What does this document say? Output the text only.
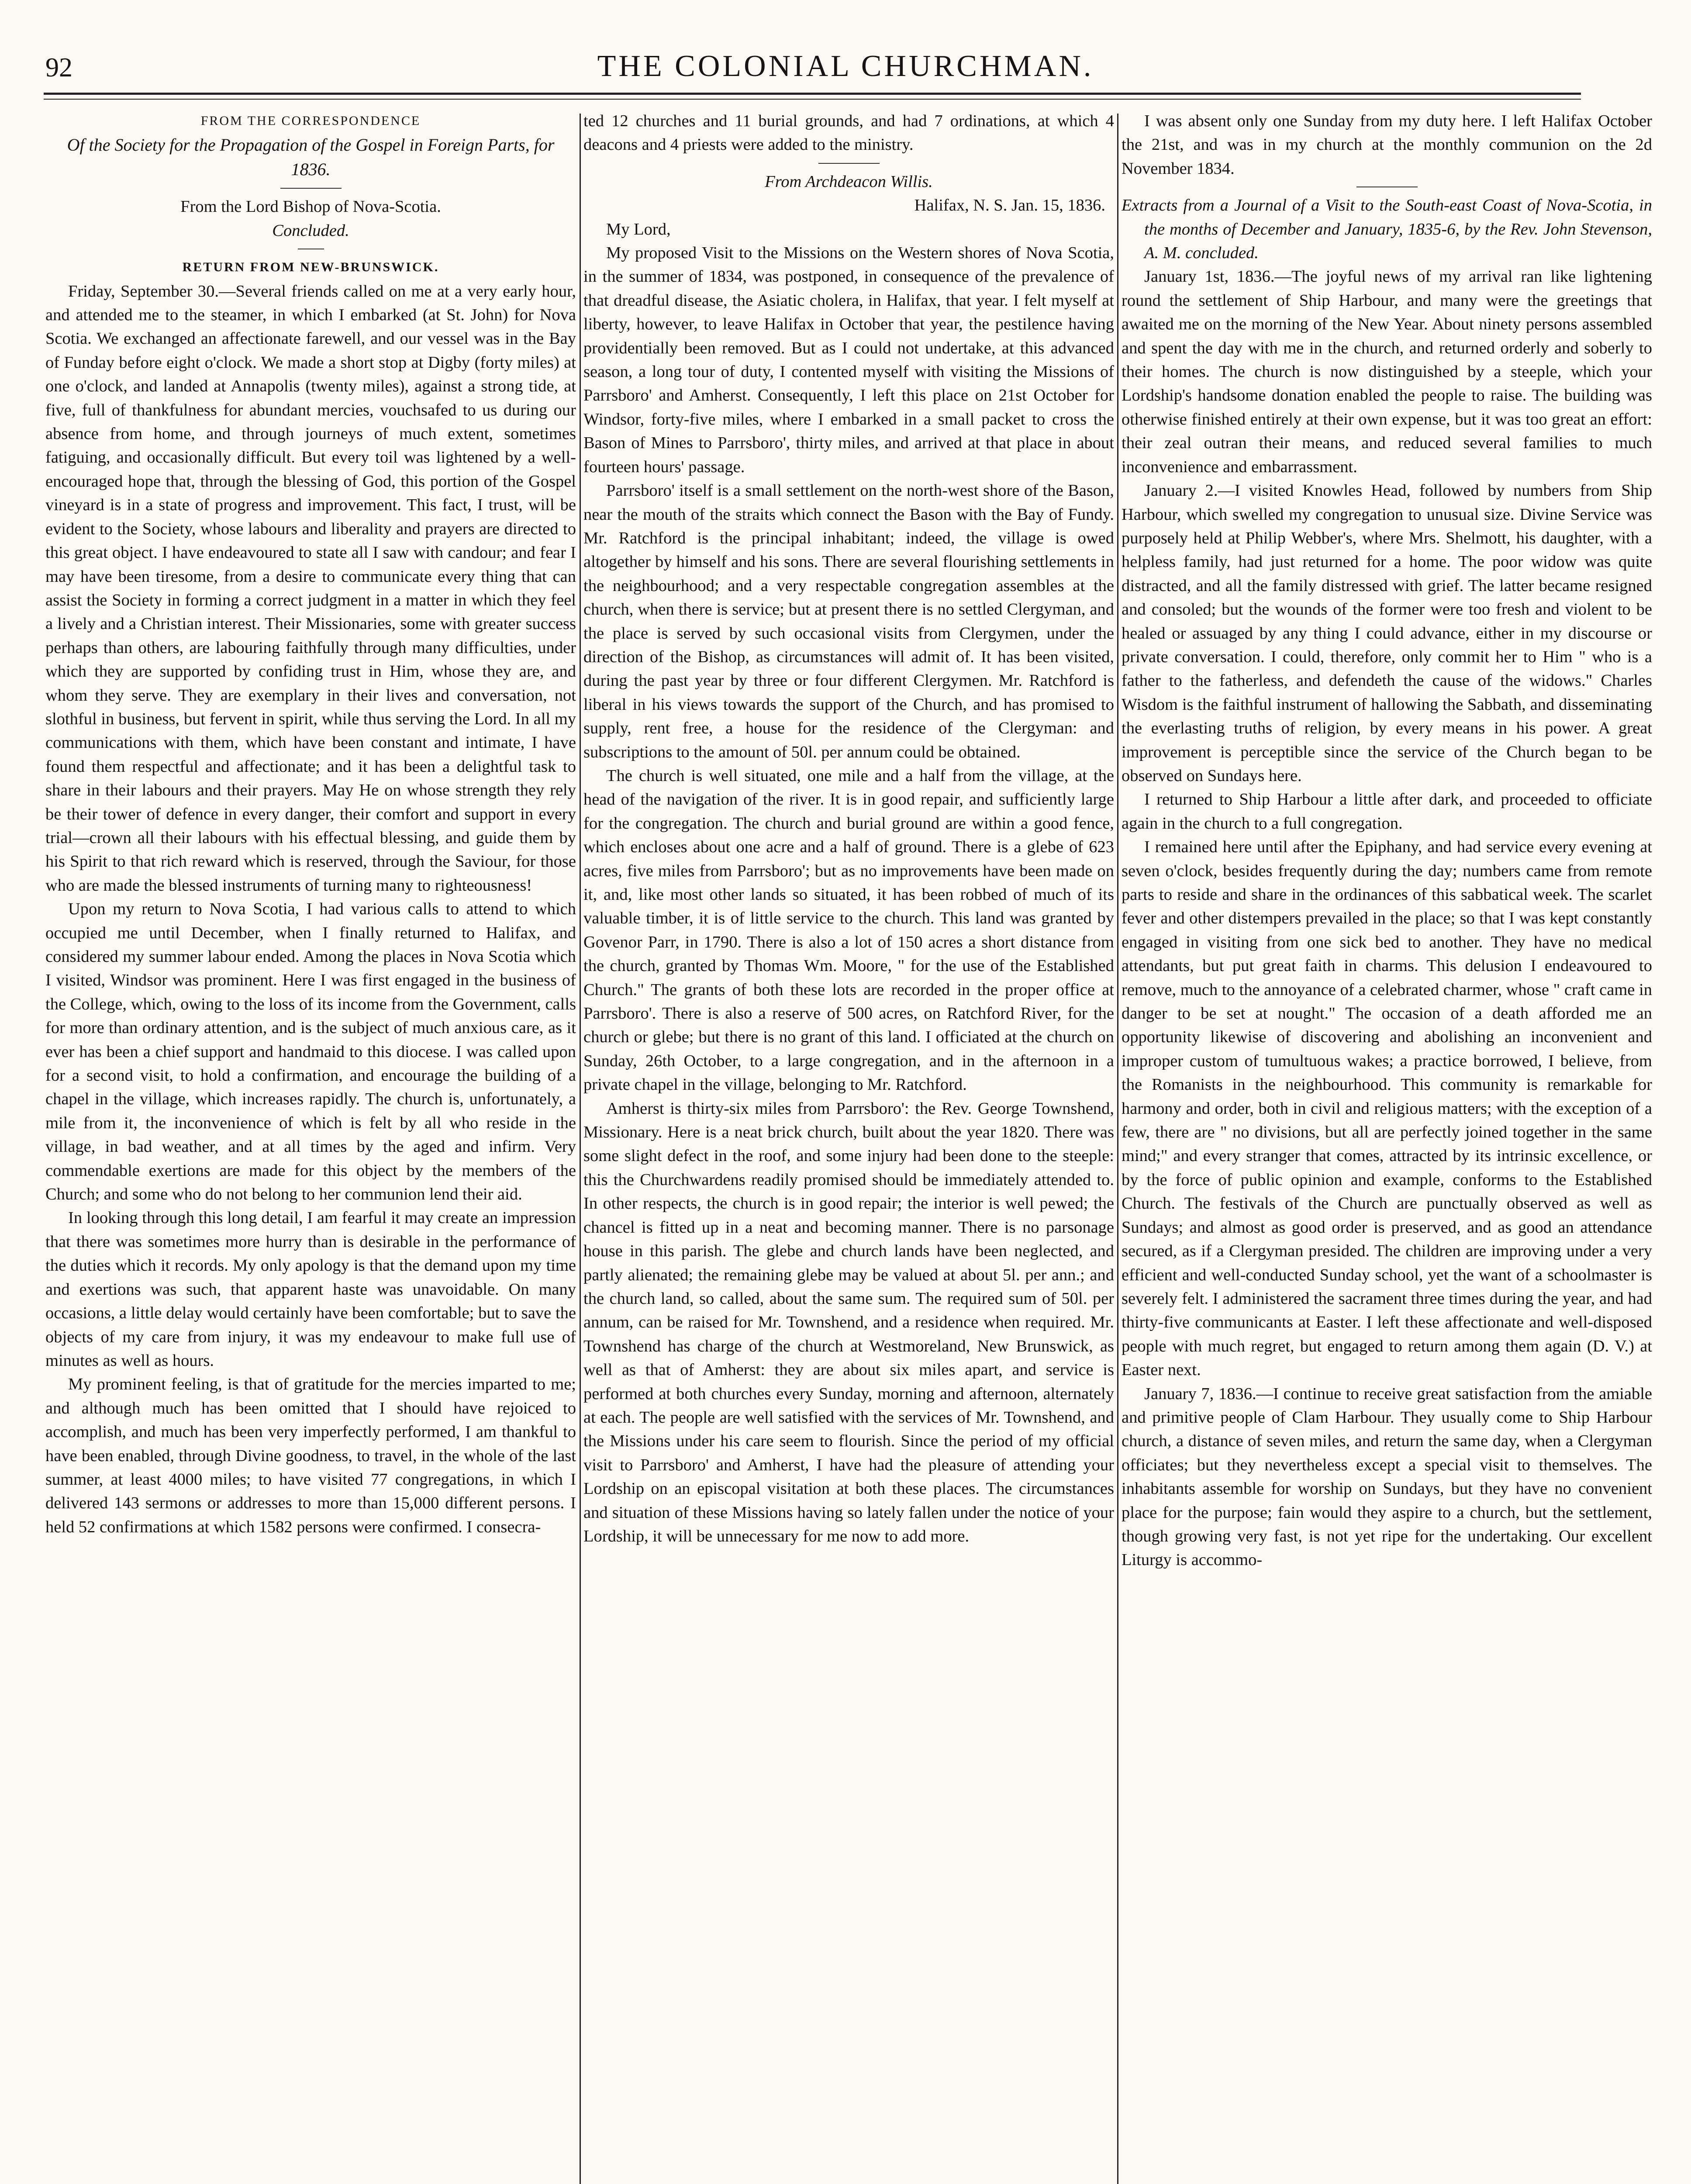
92	THE COLONIAL CHURCHMAN.

FROM THE CORRESPONDENCE

Of the Society for the Propagation of the Gospel in Foreign Parts, for 1836.

From the Lord Bishop of Nova-Scotia.

Concluded.

RETURN FROM NEW-BRUNSWICK.

Friday, September 30.—Several friends called on me at a very early hour, and attended me to the steamer, in which I embarked (at St. John) for Nova Scotia. We exchanged an affectionate farewell, and our vessel was in the Bay of Funday before eight o'clock. We made a short stop at Digby (forty miles) at one o'clock, and landed at Annapolis (twenty miles), against a strong tide, at five, full of thankfulness for abundant mercies, vouchsafed to us during our absence from home, and through journeys of much extent, sometimes fatiguing, and occasionally difficult. But every toil was lightened by a well-encouraged hope that, through the blessing of God, this portion of the Gospel vineyard is in a state of progress and improvement. This fact, I trust, will be evident to the Society, whose labours and liberality and prayers are directed to this great object. I have endeavoured to state all I saw with candour; and fear I may have been tiresome, from a desire to communicate every thing that can assist the Society in forming a correct judgment in a matter in which they feel a lively and a Christian interest. Their Missionaries, some with greater success perhaps than others, are labouring faithfully through many difficulties, under which they are supported by confiding trust in Him, whose they are, and whom they serve. They are exemplary in their lives and conversation, not slothful in business, but fervent in spirit, while thus serving the Lord. In all my communications with them, which have been constant and intimate, I have found them respectful and affectionate; and it has been a delightful task to share in their labours and their prayers. May He on whose strength they rely be their tower of defence in every danger, their comfort and support in every trial—crown all their labours with his effectual blessing, and guide them by his Spirit to that rich reward which is reserved, through the Saviour, for those who are made the blessed instruments of turning many to righteousness!

Upon my return to Nova Scotia, I had various calls to attend to which occupied me until December, when I finally returned to Halifax, and considered my summer labour ended. Among the places in Nova Scotia which I visited, Windsor was prominent. Here I was first engaged in the business of the College, which, owing to the loss of its income from the Government, calls for more than ordinary attention, and is the subject of much anxious care, as it ever has been a chief support and handmaid to this diocese. I was called upon for a second visit, to hold a confirmation, and encourage the building of a chapel in the village, which increases rapidly. The church is, unfortunately, a mile from it, the inconvenience of which is felt by all who reside in the village, in bad weather, and at all times by the aged and infirm. Very commendable exertions are made for this object by the members of the Church; and some who do not belong to her communion lend their aid.

In looking through this long detail, I am fearful it may create an impression that there was sometimes more hurry than is desirable in the performance of the duties which it records. My only apology is that the demand upon my time and exertions was such, that apparent haste was unavoidable. On many occasions, a little delay would certainly have been comfortable; but to save the objects of my care from injury, it was my endeavour to make full use of minutes as well as hours.

My prominent feeling, is that of gratitude for the mercies imparted to me; and although much has been omitted that I should have rejoiced to accomplish, and much has been very imperfectly performed, I am thankful to have been enabled, through Divine goodness, to travel, in the whole of the last summer, at least 4000 miles; to have visited 77 congregations, in which I delivered 143 sermons or addresses to more than 15,000 different persons. I held 52 confirmations at which 1582 persons were confirmed. I consecra-

ted 12 churches and 11 burial grounds, and had 7 ordinations, at which 4 deacons and 4 priests were added to the ministry.

From Archdeacon Willis.

Halifax, N. S. Jan. 15, 1836.

My Lord,

My proposed Visit to the Missions on the Western shores of Nova Scotia, in the summer of 1834, was postponed, in consequence of the prevalence of that dreadful disease, the Asiatic cholera, in Halifax, that year. I felt myself at liberty, however, to leave Halifax in October that year, the pestilence having providentially been removed. But as I could not undertake, at this advanced season, a long tour of duty, I contented myself with visiting the Missions of Parrsboro' and Amherst. Consequently, I left this place on 21st October for Windsor, forty-five miles, where I embarked in a small packet to cross the Bason of Mines to Parrsboro', thirty miles, and arrived at that place in about fourteen hours' passage.

Parrsboro' itself is a small settlement on the north-west shore of the Bason, near the mouth of the straits which connect the Bason with the Bay of Fundy. Mr. Ratchford is the principal inhabitant; indeed, the village is owed altogether by himself and his sons. There are several flourishing settlements in the neighbourhood; and a very respectable congregation assembles at the church, when there is service; but at present there is no settled Clergyman, and the place is served by such occasional visits from Clergymen, under the direction of the Bishop, as circumstances will admit of. It has been visited, during the past year by three or four different Clergymen. Mr. Ratchford is liberal in his views towards the support of the Church, and has promised to supply, rent free, a house for the residence of the Clergyman: and subscriptions to the amount of 50l. per annum could be obtained.

The church is well situated, one mile and a half from the village, at the head of the navigation of the river. It is in good repair, and sufficiently large for the congregation. The church and burial ground are within a good fence, which encloses about one acre and a half of ground. There is a glebe of 623 acres, five miles from Parrsboro'; but as no improvements have been made on it, and, like most other lands so situated, it has been robbed of much of its valuable timber, it is of little service to the church. This land was granted by Govenor Parr, in 1790. There is also a lot of 150 acres a short distance from the church, granted by Thomas Wm. Moore, " for the use of the Established Church." The grants of both these lots are recorded in the proper office at Parrsboro'. There is also a reserve of 500 acres, on Ratchford River, for the church or glebe; but there is no grant of this land. I officiated at the church on Sunday, 26th October, to a large congregation, and in the afternoon in a private chapel in the village, belonging to Mr. Ratchford.

Amherst is thirty-six miles from Parrsboro': the Rev. George Townshend, Missionary. Here is a neat brick church, built about the year 1820. There was some slight defect in the roof, and some injury had been done to the steeple: this the Churchwardens readily promised should be immediately attended to. In other respects, the church is in good repair; the interior is well pewed; the chancel is fitted up in a neat and becoming manner. There is no parsonage house in this parish. The glebe and church lands have been neglected, and partly alienated; the remaining glebe may be valued at about 5l. per ann.; and the church land, so called, about the same sum. The required sum of 50l. per annum, can be raised for Mr. Townshend, and a residence when required. Mr. Townshend has charge of the church at Westmoreland, New Brunswick, as well as that of Amherst: they are about six miles apart, and service is performed at both churches every Sunday, morning and afternoon, alternately at each. The people are well satisfied with the services of Mr. Townshend, and the Missions under his care seem to flourish. Since the period of my official visit to Parrsboro' and Amherst, I have had the pleasure of attending your Lordship on an episcopal visitation at both these places. The circumstances and situation of these Missions having so lately fallen under the notice of your Lordship, it will be unnecessary for me now to add more.

I was absent only one Sunday from my duty here. I left Halifax October the 21st, and was in my church at the monthly communion on the 2d November 1834.

Extracts from a Journal of a Visit to the South-east Coast of Nova-Scotia, in the months of December and January, 1835-6, by the Rev. John Stevenson, A. M. concluded.

January 1st, 1836.—The joyful news of my arrival ran like lightening round the settlement of Ship Harbour, and many were the greetings that awaited me on the morning of the New Year. About ninety persons assembled and spent the day with me in the church, and returned orderly and soberly to their homes. The church is now distinguished by a steeple, which your Lordship's handsome donation enabled the people to raise. The building was otherwise finished entirely at their own expense, but it was too great an effort: their zeal outran their means, and reduced several families to much inconvenience and embarrassment.

January 2.—I visited Knowles Head, followed by numbers from Ship Harbour, which swelled my congregation to unusual size. Divine Service was purposely held at Philip Webber's, where Mrs. Shelmott, his daughter, with a helpless family, had just returned for a home. The poor widow was quite distracted, and all the family distressed with grief. The latter became resigned and consoled; but the wounds of the former were too fresh and violent to be healed or assuaged by any thing I could advance, either in my discourse or private conversation. I could, therefore, only commit her to Him " who is a father to the fatherless, and defendeth the cause of the widows." Charles Wisdom is the faithful instrument of hallowing the Sabbath, and disseminating the everlasting truths of religion, by every means in his power. A great improvement is perceptible since the service of the Church began to be observed on Sundays here.

I returned to Ship Harbour a little after dark, and proceeded to officiate again in the church to a full congregation.

I remained here until after the Epiphany, and had service every evening at seven o'clock, besides frequently during the day; numbers came from remote parts to reside and share in the ordinances of this sabbatical week. The scarlet fever and other distempers prevailed in the place; so that I was kept constantly engaged in visiting from one sick bed to another. They have no medical attendants, but put great faith in charms. This delusion I endeavoured to remove, much to the annoyance of a celebrated charmer, whose " craft came in danger to be set at nought." The occasion of a death afforded me an opportunity likewise of discovering and abolishing an inconvenient and improper custom of tumultuous wakes; a practice borrowed, I believe, from the Romanists in the neighbourhood. This community is remarkable for harmony and order, both in civil and religious matters; with the exception of a few, there are " no divisions, but all are perfectly joined together in the same mind;" and every stranger that comes, attracted by its intrinsic excellence, or by the force of public opinion and example, conforms to the Established Church. The festivals of the Church are punctually observed as well as Sundays; and almost as good order is preserved, and as good an attendance secured, as if a Clergyman presided. The children are improving under a very efficient and well-conducted Sunday school, yet the want of a schoolmaster is severely felt. I administered the sacrament three times during the year, and had thirty-five communicants at Easter. I left these affectionate and well-disposed people with much regret, but engaged to return among them again (D. V.) at Easter next.

January 7, 1836.—I continue to receive great satisfaction from the amiable and primitive people of Clam Harbour. They usually come to Ship Harbour church, a distance of seven miles, and return the same day, when a Clergyman officiates; but they nevertheless except a special visit to themselves. The inhabitants assemble for worship on Sundays, but they have no convenient place for the purpose; fain would they aspire to a church, but the settlement, though growing very fast, is not yet ripe for the undertaking. Our excellent Liturgy is accommo-
